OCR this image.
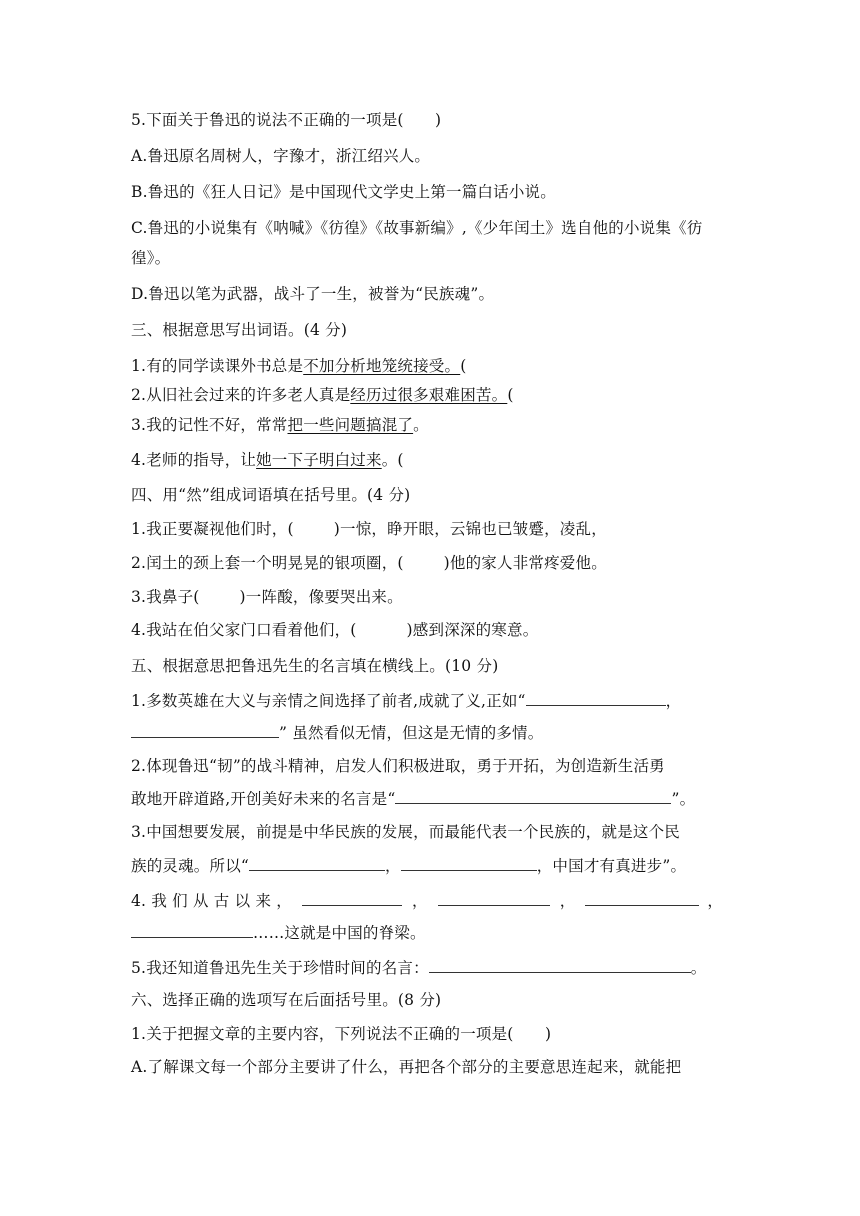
5.下面关于鲁迅的说法不正确的一项是(　　)
A.鲁迅原名周树人，字豫才，浙江绍兴人。
B.鲁迅的《狂人日记》是中国现代文学史上第一篇白话小说。
C.鲁迅的小说集有《呐喊》《彷徨》《故事新编》,《少年闰土》选自他的小说集《彷
徨》。
D.鲁迅以笔为武器，战斗了一生，被誉为“民族魂”。
三、根据意思写出词语。(4 分)
1.有的同学读课外书总是不加分析地笼统接受。(
2.从旧社会过来的许多老人真是经历过很多艰难困苦。(
3.我的记性不好，常常把一些问题搞混了。
4.老师的指导，让她一下子明白过来。(　
四、用“然”组成词语填在括号里。(4 分)
1.我正要凝视他们时，(	)一惊，睁开眼，云锦也已皱蹙，凌乱，
2.闰土的颈上套一个明晃晃的银项圈，(	)他的家人非常疼爱他。
3.我鼻子(	)一阵酸，像要哭出来。
4.我站在伯父家门口看着他们，(	)感到深深的寒意。
五、根据意思把鲁迅先生的名言填在横线上。(10 分)
1.多数英雄在大义与亲情之间选择了前者,成就了义,正如“	，
” 虽然看似无情，但这是无情的多情。
2.体现鲁迅“韧”的战斗精神，启发人们积极进取，勇于开拓，为创造新生活勇
敢地开辟道路,开创美好未来的名言是“	”。
3.中国想要发展，前提是中华民族的发展，而最能代表一个民族的，就是这个民
族的灵魂。所以“	，	，中国才有真进步”。
4. 我 们 从 古 以 来 ，	，	，	，
……这就是中国的脊梁。
5.我还知道鲁迅先生关于珍惜时间的名言：	。
六、选择正确的选项写在后面括号里。(8 分)
1.关于把握文章的主要内容，下列说法不正确的一项是(　　)
A.了解课文每一个部分主要讲了什么，再把各个部分的主要意思连起来，就能把
